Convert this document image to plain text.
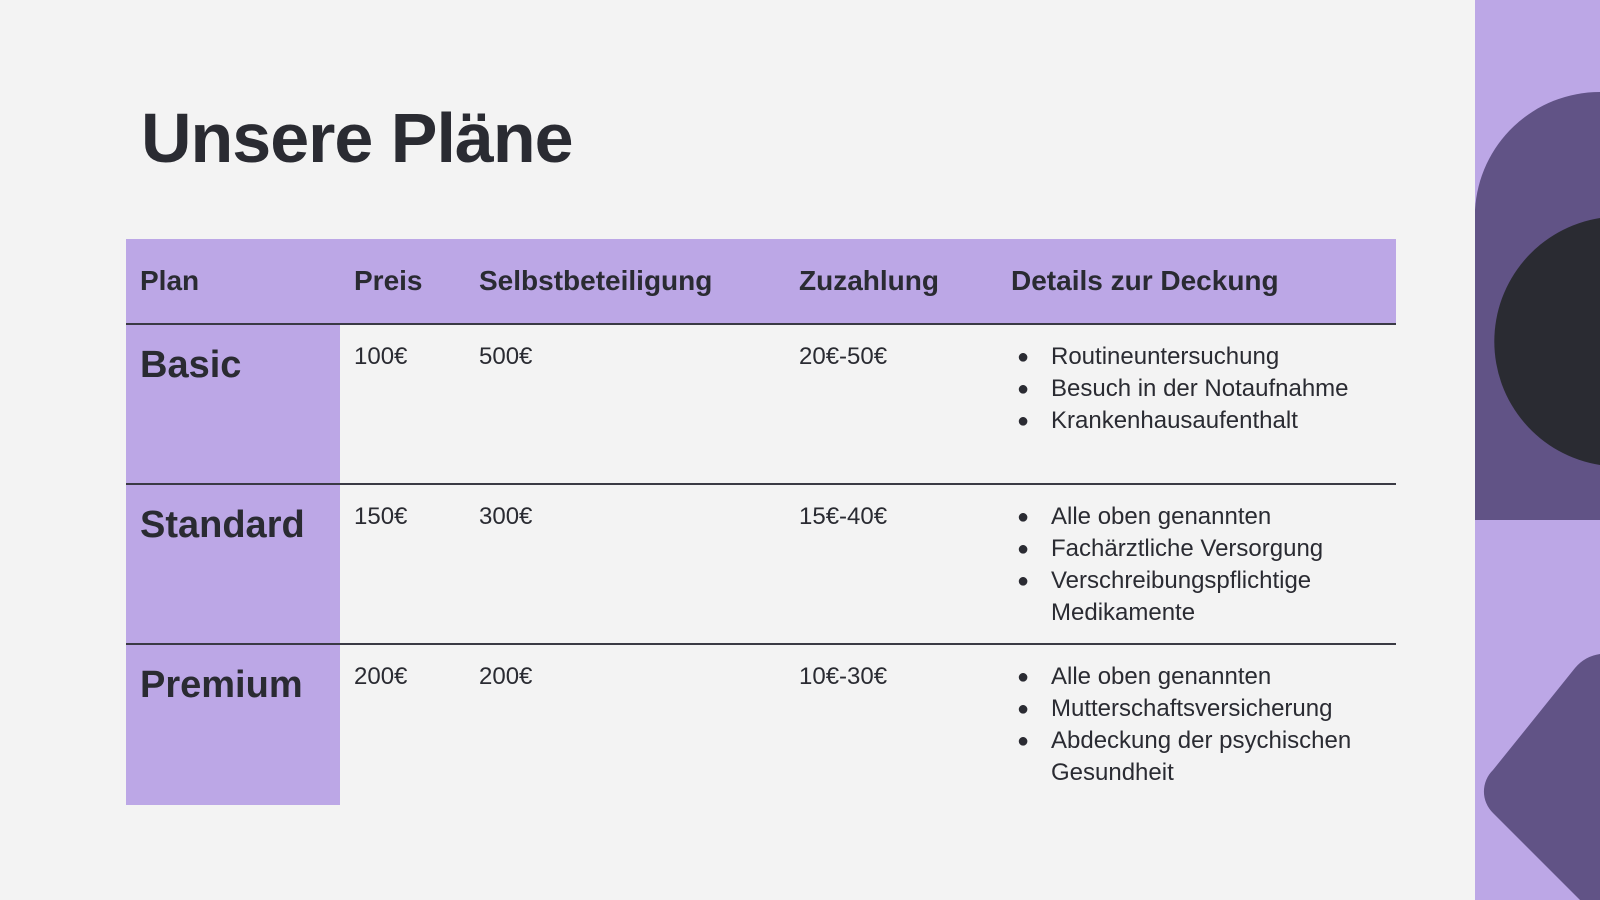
Unsere Pläne
Plan	Preis	Selbstbeteiligung	Zuzahlung	Details zur Deckung
Basic	100€	500€	20€-50€	● Routineuntersuchung
● Besuch in der Notaufnahme
● Krankenhausaufenthalt
Standard	150€	300€	15€-40€	● Alle oben genannten
● Fachärztliche Versorgung
● Verschreibungspflichtige Medikamente
Premium	200€	200€	10€-30€	● Alle oben genannten
● Mutterschaftsversicherung
● Abdeckung der psychischen Gesundheit
